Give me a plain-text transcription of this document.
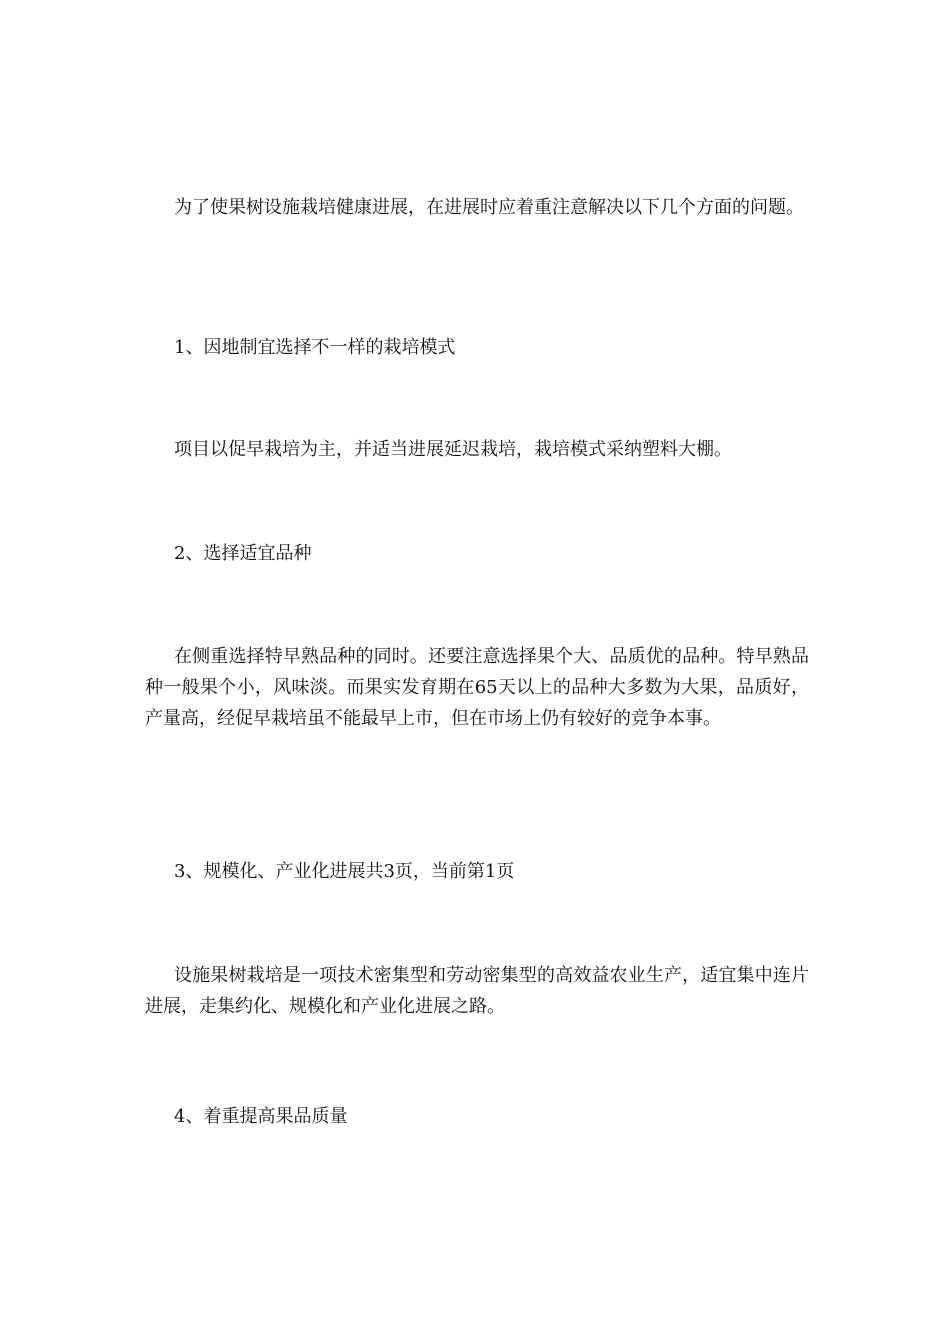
为了使果树设施栽培健康进展，在进展时应着重注意解决以下几个方面的问题。

1、因地制宜选择不一样的栽培模式

项目以促早栽培为主，并适当进展延迟栽培，栽培模式采纳塑料大棚。

2、选择适宜品种

在侧重选择特早熟品种的同时。还要注意选择果个大、品质优的品种。特早熟品种一般果个小，风味淡。而果实发育期在65天以上的品种大多数为大果，品质好，产量高，经促早栽培虽不能最早上市，但在市场上仍有较好的竞争本事。

3、规模化、产业化进展共3页，当前第1页

设施果树栽培是一项技术密集型和劳动密集型的高效益农业生产，适宜集中连片进展，走集约化、规模化和产业化进展之路。

4、着重提高果品质量
